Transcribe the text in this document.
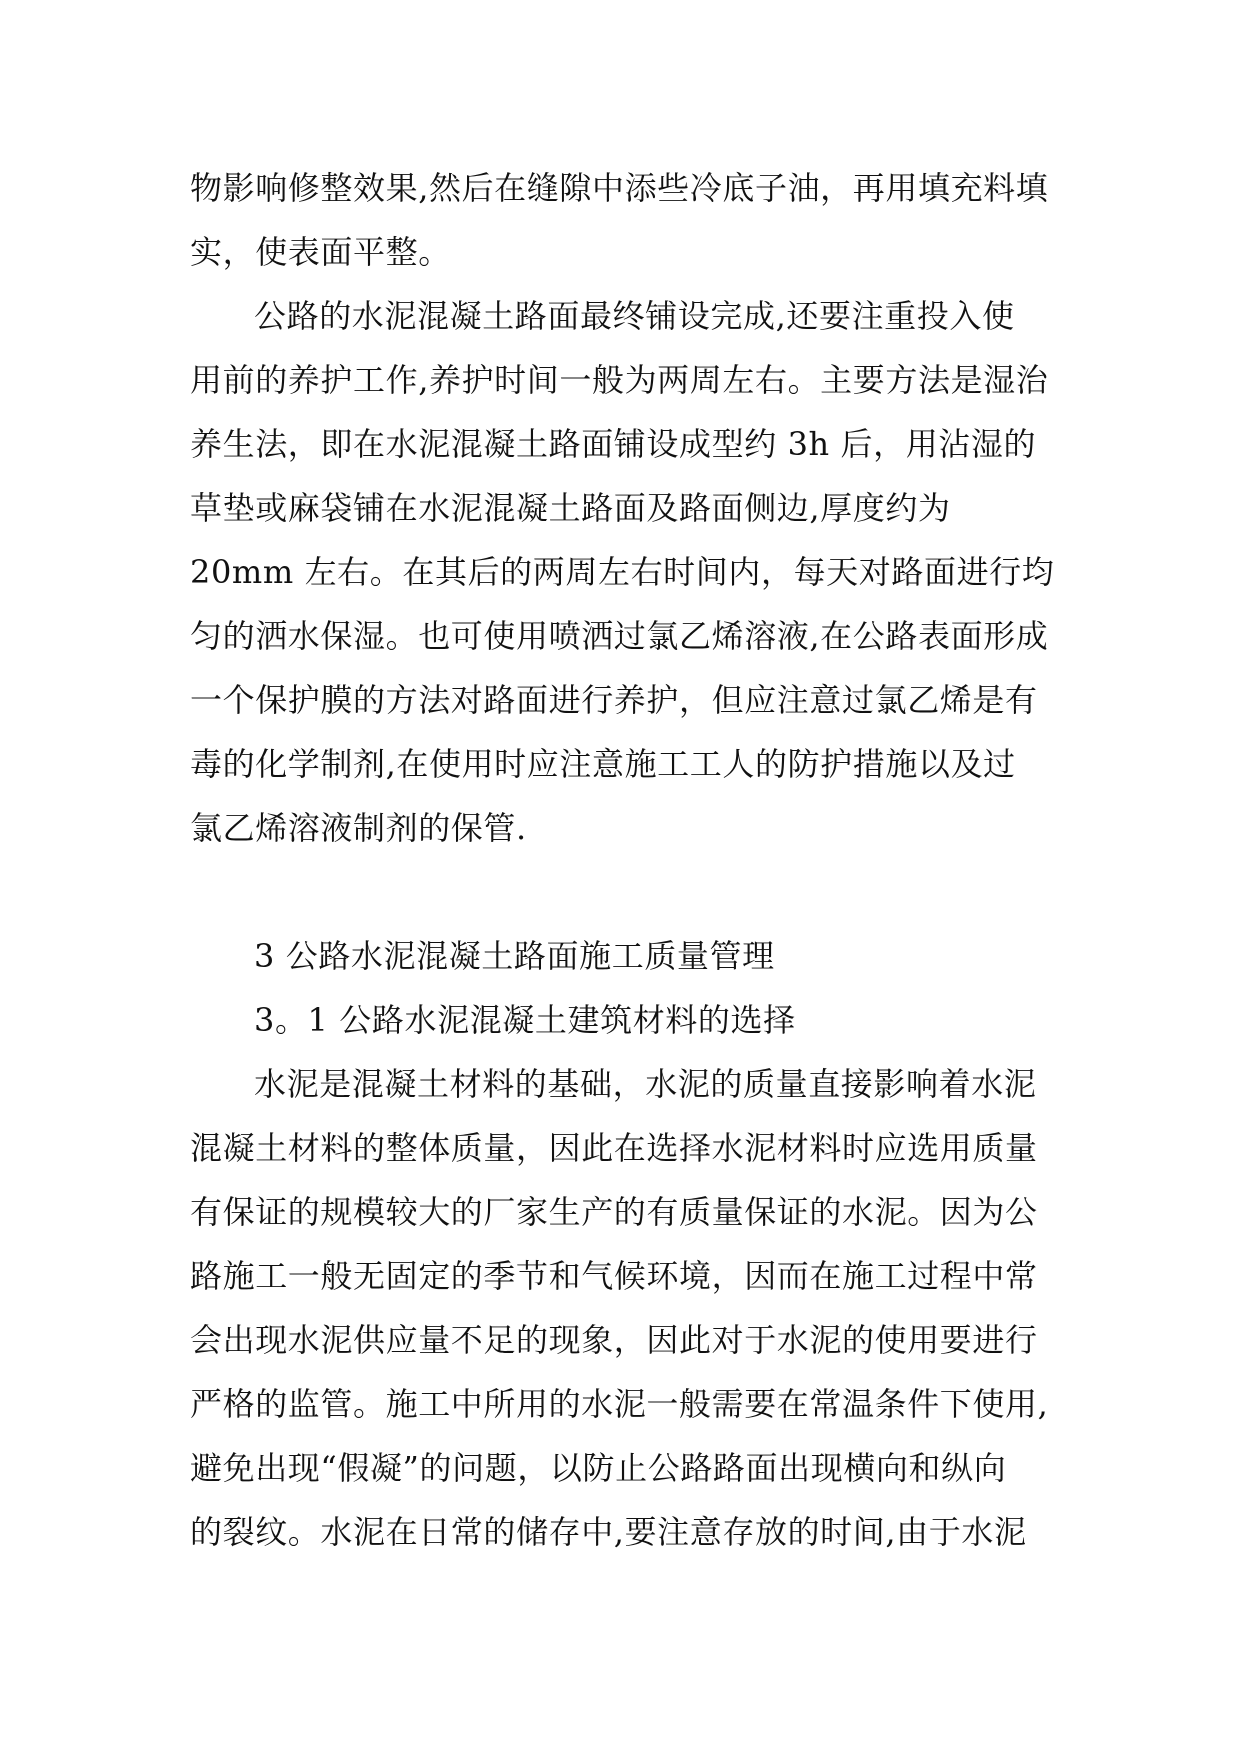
物影响修整效果,然后在缝隙中添些冷底子油，再用填充料填
实，使表面平整。
公路的水泥混凝土路面最终铺设完成,还要注重投入使
用前的养护工作,养护时间一般为两周左右。主要方法是湿治
养生法，即在水泥混凝土路面铺设成型约 3h 后，用沾湿的
草垫或麻袋铺在水泥混凝土路面及路面侧边,厚度约为
20mm 左右。在其后的两周左右时间内，每天对路面进行均
匀的洒水保湿。也可使用喷洒过氯乙烯溶液,在公路表面形成
一个保护膜的方法对路面进行养护，但应注意过氯乙烯是有
毒的化学制剂,在使用时应注意施工工人的防护措施以及过
氯乙烯溶液制剂的保管.
3 公路水泥混凝土路面施工质量管理
3。1 公路水泥混凝土建筑材料的选择
水泥是混凝土材料的基础，水泥的质量直接影响着水泥
混凝土材料的整体质量，因此在选择水泥材料时应选用质量
有保证的规模较大的厂家生产的有质量保证的水泥。因为公
路施工一般无固定的季节和气候环境，因而在施工过程中常
会出现水泥供应量不足的现象，因此对于水泥的使用要进行
严格的监管。施工中所用的水泥一般需要在常温条件下使用,
避免出现“假凝”的问题，以防止公路路面出现横向和纵向
的裂纹。水泥在日常的储存中,要注意存放的时间,由于水泥
